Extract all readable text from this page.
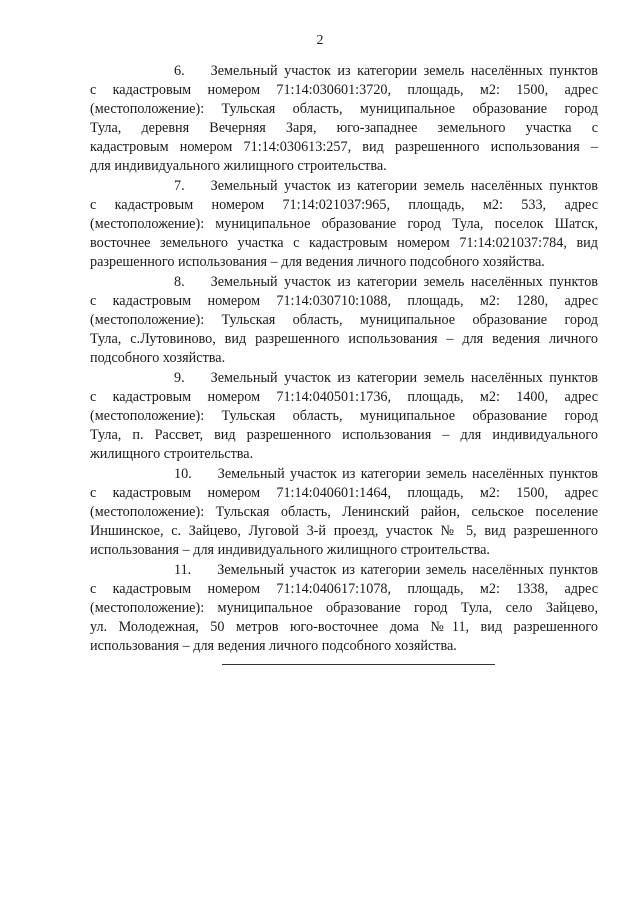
2

6. Земельный участок из категории земель населённых пунктов

с кадастровым номером 71:14:030601:3720, площадь, м2: 1500, адрес

(местоположение): Тульская область, муниципальное образование город

Тула, деревня Вечерняя Заря, юго-западнее земельного участка с

кадастровым номером 71:14:030613:257, вид разрешенного использования –

для индивидуального жилищного строительства.

7. Земельный участок из категории земель населённых пунктов

с кадастровым номером 71:14:021037:965, площадь, м2: 533, адрес

(местоположение): муниципальное образование город Тула, поселок Шатск,

восточнее земельного участка с кадастровым номером 71:14:021037:784, вид

разрешенного использования – для ведения личного подсобного хозяйства.

8. Земельный участок из категории земель населённых пунктов

с кадастровым номером 71:14:030710:1088, площадь, м2: 1280, адрес

(местоположение): Тульская область, муниципальное образование город

Тула, с.Лутовиново, вид разрешенного использования – для ведения личного

подсобного хозяйства.

9. Земельный участок из категории земель населённых пунктов

с кадастровым номером 71:14:040501:1736, площадь, м2: 1400, адрес

(местоположение): Тульская область, муниципальное образование город

Тула, п. Рассвет, вид разрешенного использования – для индивидуального

жилищного строительства.

10. Земельный участок из категории земель населённых пунктов

с кадастровым номером 71:14:040601:1464, площадь, м2: 1500, адрес

(местоположение): Тульская область, Ленинский район, сельское поселение

Иншинское, с. Зайцево, Луговой 3-й проезд, участок № 5, вид разрешенного

использования – для индивидуального жилищного строительства.

11. Земельный участок из категории земель населённых пунктов

с кадастровым номером 71:14:040617:1078, площадь, м2: 1338, адрес

(местоположение): муниципальное образование город Тула, село Зайцево,

ул. Молодежная, 50 метров юго-восточнее дома №11, вид разрешенного

использования – для ведения личного подсобного хозяйства.
